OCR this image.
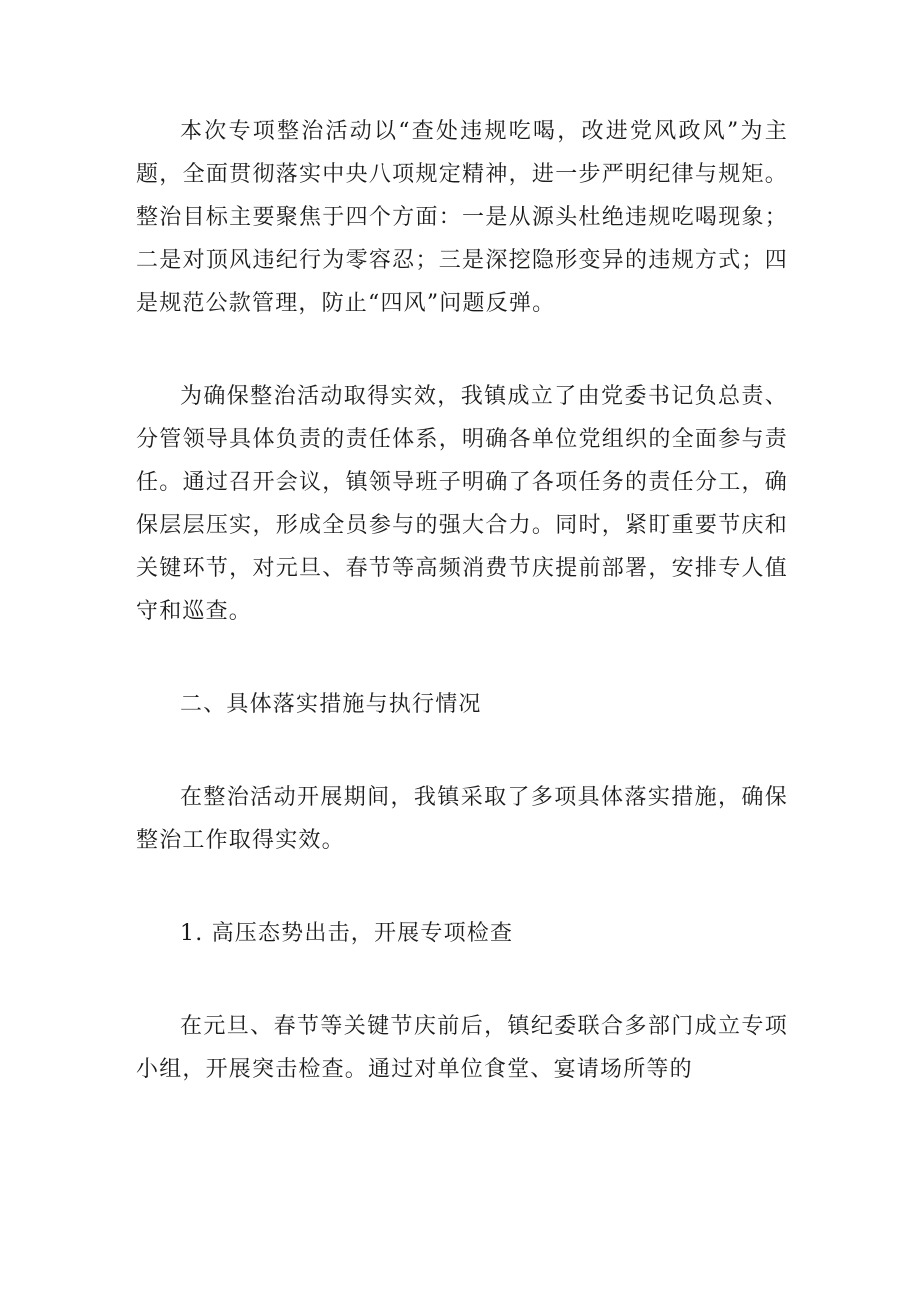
本次专项整治活动以“查处违规吃喝，改进党风政风”为主题，全面贯彻落实中央八项规定精神，进一步严明纪律与规矩。整治目标主要聚焦于四个方面：一是从源头杜绝违规吃喝现象；二是对顶风违纪行为零容忍；三是深挖隐形变异的违规方式；四是规范公款管理，防止“四风”问题反弹。

为确保整治活动取得实效，我镇成立了由党委书记负总责、分管领导具体负责的责任体系，明确各单位党组织的全面参与责任。通过召开会议，镇领导班子明确了各项任务的责任分工，确保层层压实，形成全员参与的强大合力。同时，紧盯重要节庆和关键环节，对元旦、春节等高频消费节庆提前部署，安排专人值守和巡查。

二、具体落实措施与执行情况

在整治活动开展期间，我镇采取了多项具体落实措施，确保整治工作取得实效。

1. 高压态势出击，开展专项检查

在元旦、春节等关键节庆前后，镇纪委联合多部门成立专项小组，开展突击检查。通过对单位食堂、宴请场所等的
